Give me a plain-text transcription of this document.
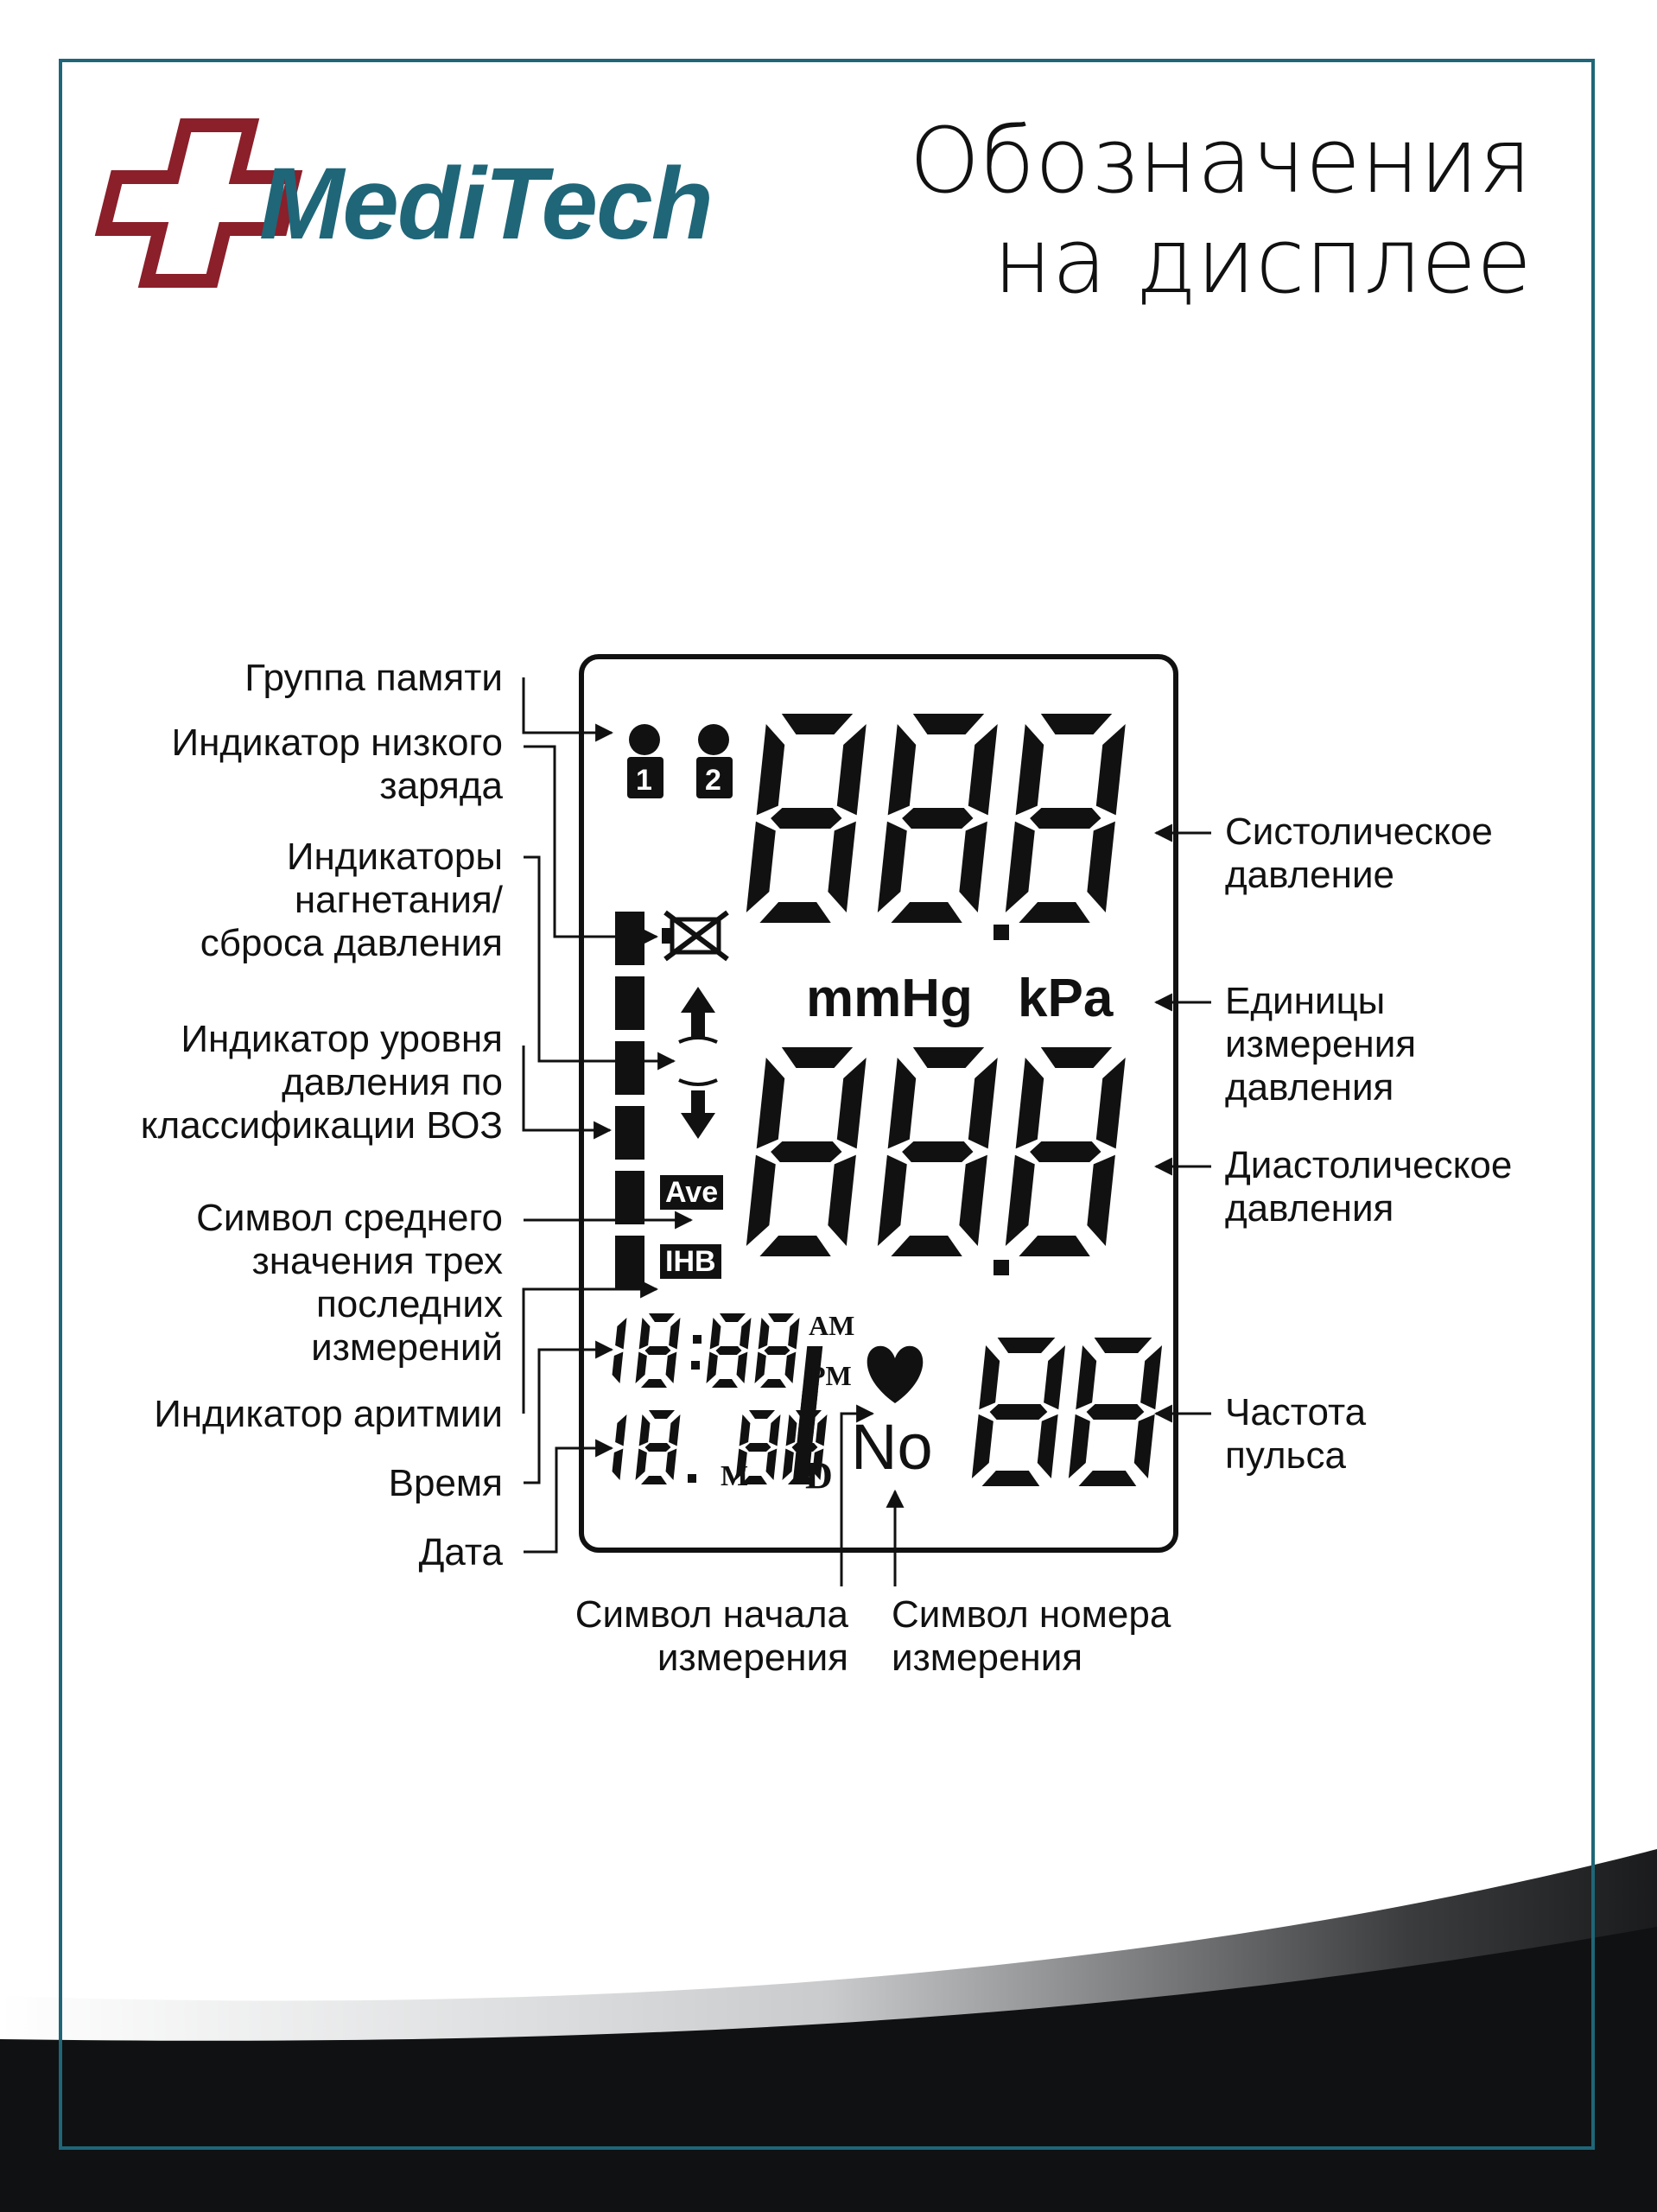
MediTech Обозначения
на дисплее
mmHg kPa
AM
PM
M D No
Ave
IHB
1 2
Группа памяти
Индикатор низкого
заряда
Индикаторы
нагнетания/
сброса давления
Индикатор уровня
давления по
классификации ВОЗ
Символ среднего
значения трех
последних
измерений
Индикатор аритмии
Время
Дата
Систолическое
давление
Единицы
измерения
давления
Диастолическое
давления
Частота
пульса
Символ начала
измерения
Символ номера
измерения
